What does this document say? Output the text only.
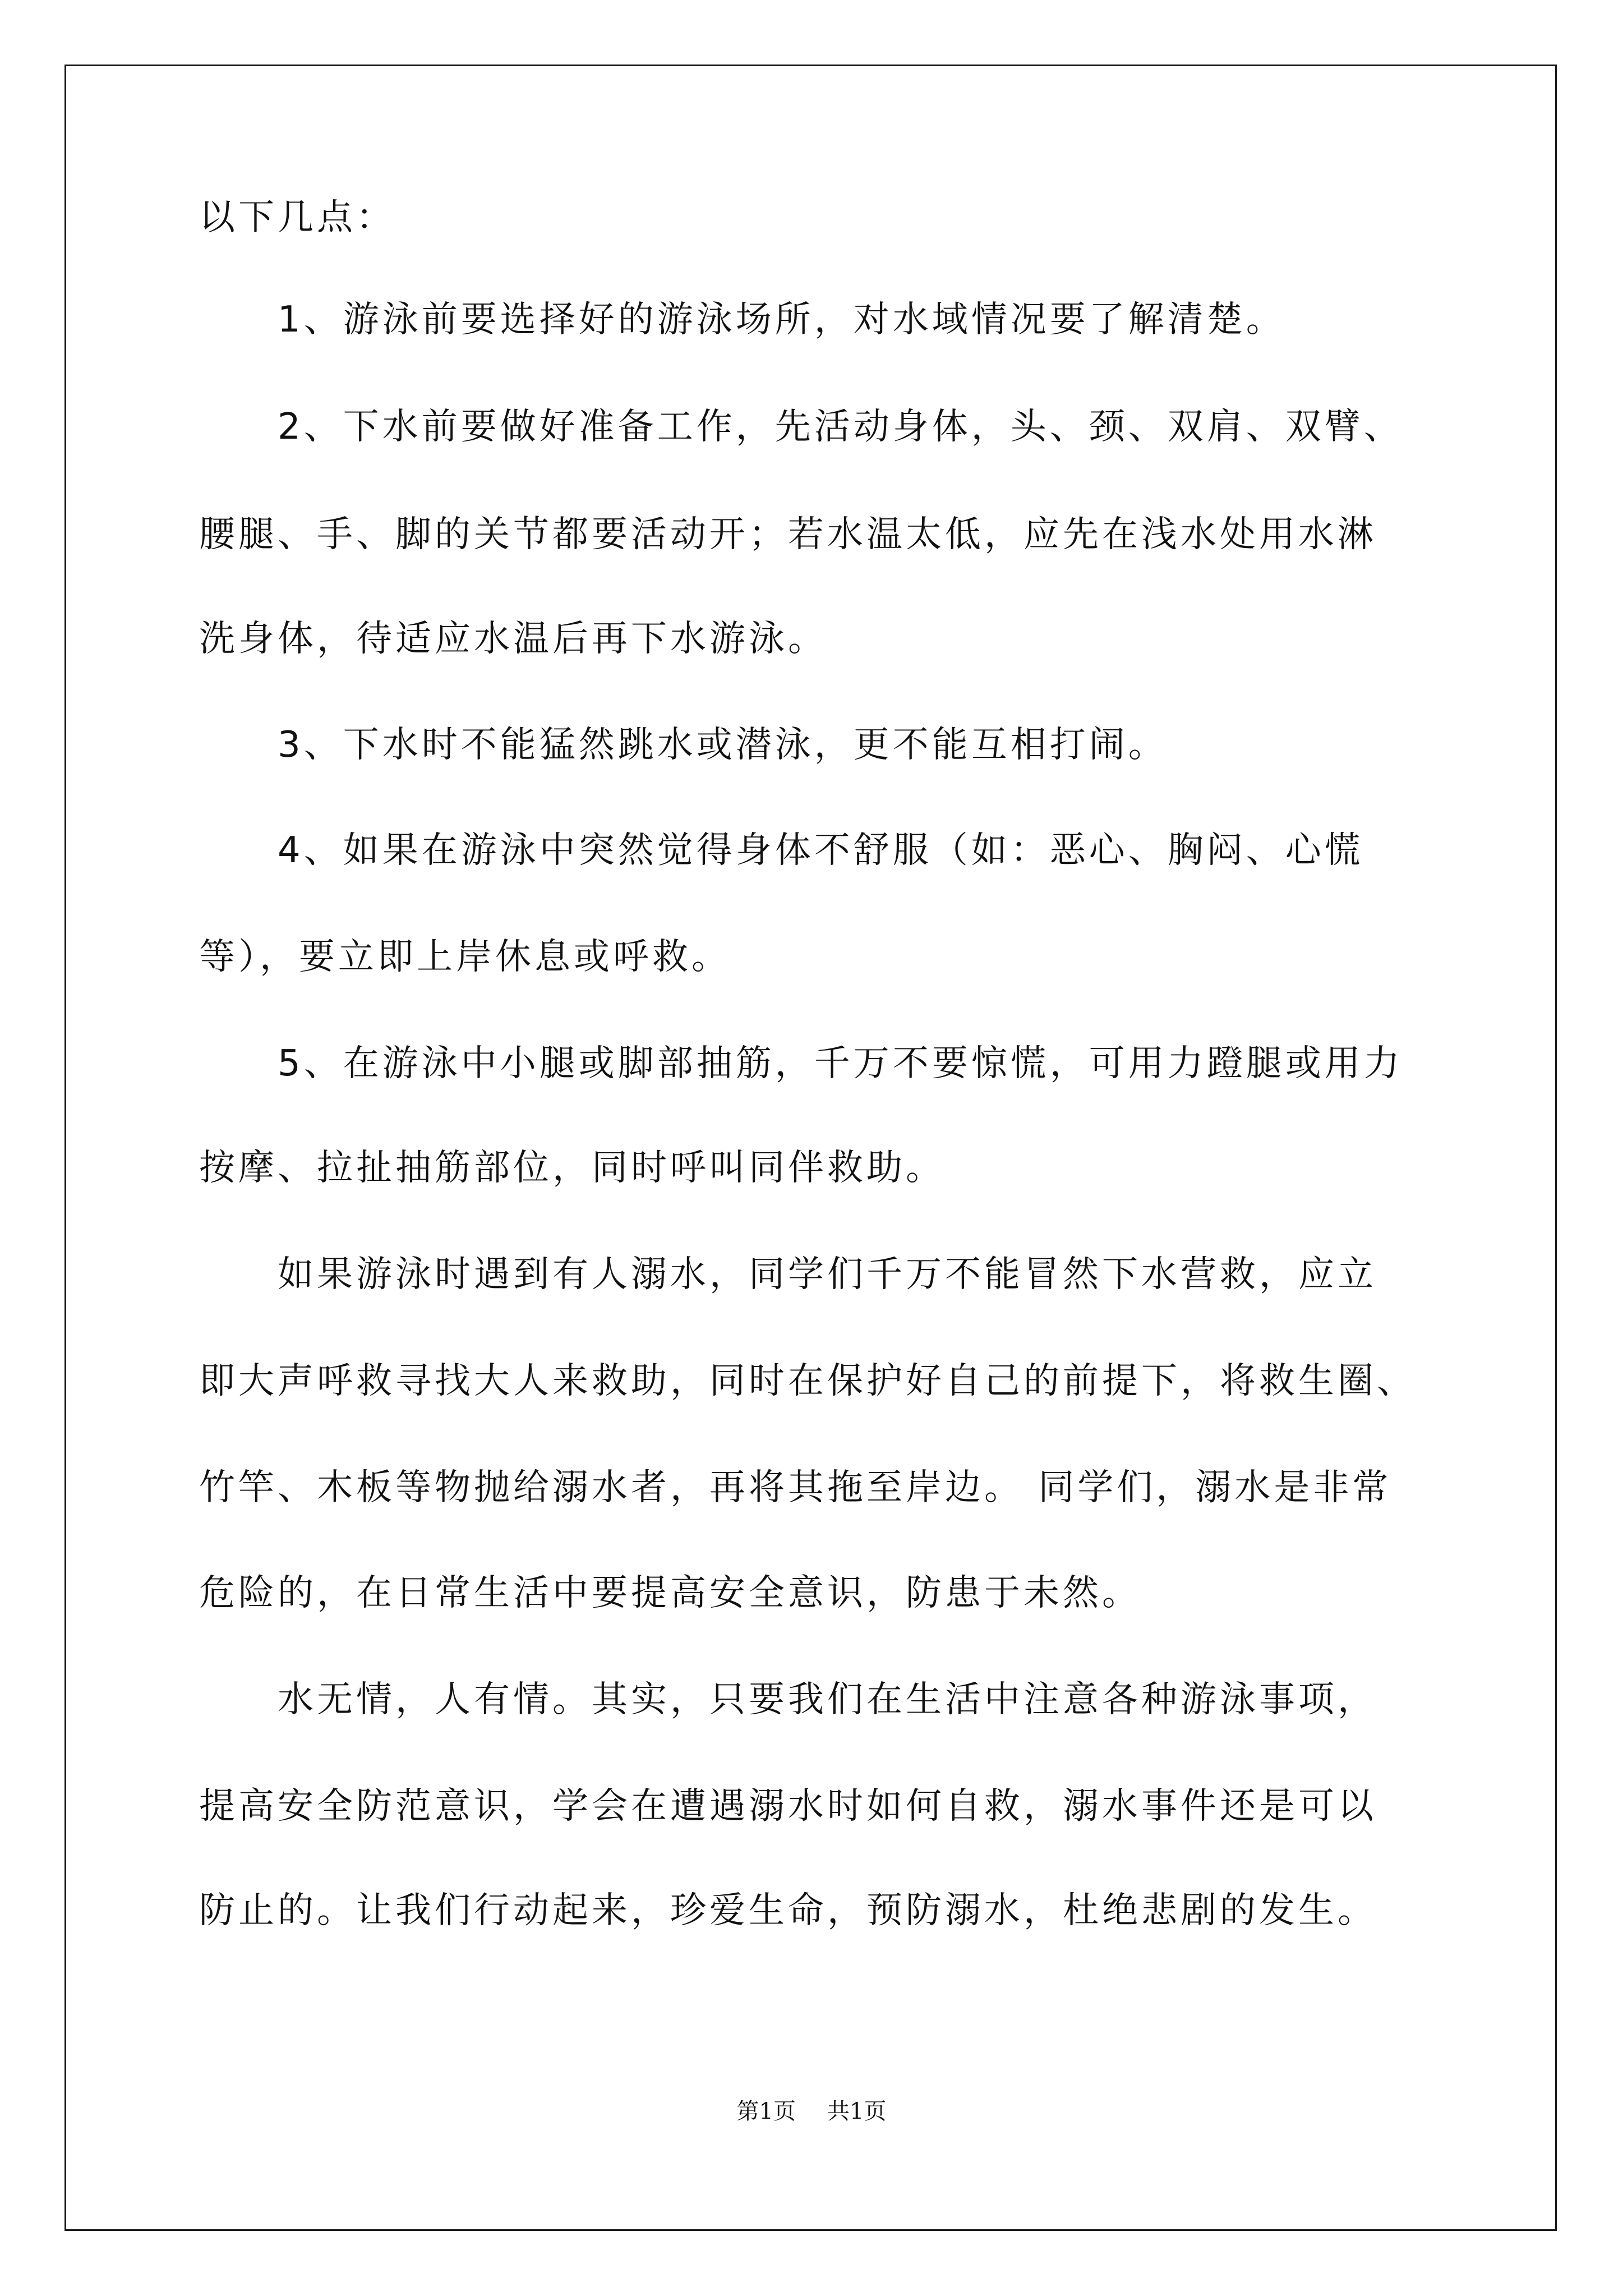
以下几点：
1、游泳前要选择好的游泳场所，对水域情况要了解清楚。
2、下水前要做好准备工作，先活动身体，头、颈、双肩、双臂、
腰腿、手、脚的关节都要活动开；若水温太低，应先在浅水处用水淋
洗身体，待适应水温后再下水游泳。
3、下水时不能猛然跳水或潜泳，更不能互相打闹。
4、如果在游泳中突然觉得身体不舒服（如：恶心、胸闷、心慌
等），要立即上岸休息或呼救。
5、在游泳中小腿或脚部抽筋，千万不要惊慌，可用力蹬腿或用力
按摩、拉扯抽筋部位，同时呼叫同伴救助。
如果游泳时遇到有人溺水，同学们千万不能冒然下水营救，应立
即大声呼救寻找大人来救助，同时在保护好自己的前提下，将救生圈、
竹竿、木板等物抛给溺水者，再将其拖至岸边。 同学们，溺水是非常
危险的，在日常生活中要提高安全意识，防患于未然。
水无情，人有情。其实，只要我们在生活中注意各种游泳事项，
提高安全防范意识，学会在遭遇溺水时如何自救，溺水事件还是可以
防止的。让我们行动起来，珍爱生命，预防溺水，杜绝悲剧的发生。
第1页 共1页
